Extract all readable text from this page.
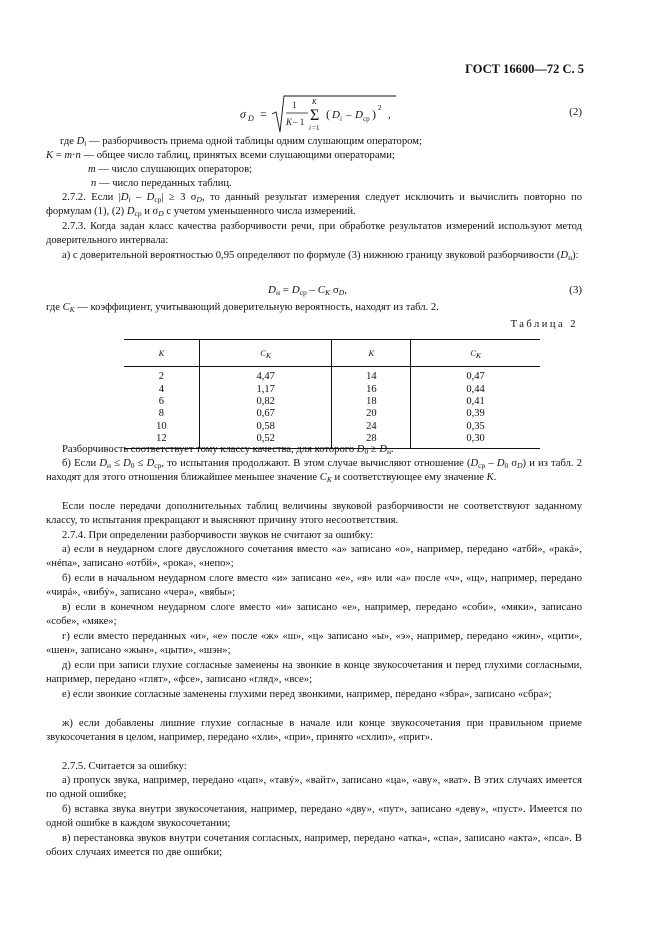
ГОСТ 16600—72 С. 5
σ D =
1
K – 1
K
Σ
i =1
( D i – D ср ) 2
,	(2)

где $D_i$ — разборчивость приема одной таблицы одним слушающим оператором;

K = m·n — общее число таблиц, принятых всеми слушающими операторами;

m — число слушающих операторов;

n — число переданных таблиц.

2.7.2. Если $|D_i - D_{ср}| \ge 3$ $\sigma_D$, то данный результат измерения следует исключить и вычислить повторно по формулам (1), (2) $D_{ср}$ и $\sigma_D$ с учетом уменьшенного числа измерений.

2.7.3. Когда задан класс качества разборчивости речи, при обработке результатов измерений используют метод доверительного интервала:

а) с доверительной вероятностью 0,95 определяют по формуле (3) нижнюю границу звуковой разборчивости $(D_н)$:

$D_н = D_{ср} - C_K$ $\sigma_D$,	(3)

где $C_K$ — коэффициент, учитывающий доверительную вероятность, находят из табл. 2.

Таблица 2
K	$C_K$	K	$C_K$
2	4,47	14	0,47
4	1,17	16	0,44
6	0,82	18	0,41
8	0,67	20	0,39
10	0,58	24	0,35
12	0,52	28	0,30

Разборчивость соответствует тому классу качества, для которого $D_0 \ge D_н$.

б) Если $D_н \le D_0 \le D_{ср}$, то испытания продолжают. В этом случае вычисляют отношение ($D_{ср} - D_0$ $\sigma_D$) и из табл. 2 находят для этого отношения ближайшее меньшее значение $C_K$ и соответствующее ему значение K.

Если после передачи дополнительных таблиц величины звуковой разборчивости не соответствуют заданному классу, то испытания прекращают и выясняют причину этого несоответствия.

2.7.4. При определении разборчивости звуков не считают за ошибку:

а) если в неударном слоге двусложного сочетания вместо «а» записано «о», например, передано «атбй», «ракá», «нéпа», записано «отбй», «рока», «непо»;

б) если в начальном неударном слоге вместо «и» записано «е», «я» или «а» после «ч», «щ», например, передано «чирá», «вибý», записано «чера», «вябы»;

в) если в конечном неударном слоге вместо «и» записано «е», например, передано «соби», «мяки», записано «собе», «мяке»;

г) если вместо переданных «и», «е» после «ж» «ш», «ц» записано «ы», «э», например, передано «жин», «цити», «шен», записано «жын», «цыти», «шэн»;

д) если при записи глухие согласные заменены на звонкие в конце звукосочетания и перед глухими согласными, например, передано «глят», «фсе», записано «гляд», «все»;

е) если звонкие согласные заменены глухими перед звонкими, например, передано «збра», записано «сбра»;

ж) если добавлены лишние глухие согласные в начале или конце звукосочетания при правильном приеме звукосочетания в целом, например, передано «хли», «при», принято «схлип», «прит».

2.7.5. Считается за ошибку:

а) пропуск звука, например, передано «цап», «тавý», «вайт», записано «ца», «аву», «ват». В этих случаях имеется по одной ошибке;

б) вставка звука внутри звукосочетания, например, передано «дву», «пут», записано «деву», «пуст». Имеется по одной ошибке в каждом звукосочетании;

в) перестановка звуков внутри сочетания согласных, например, передано «атка», «спа», записано «акта», «пса». В обоих случаях имеется по две ошибки;
